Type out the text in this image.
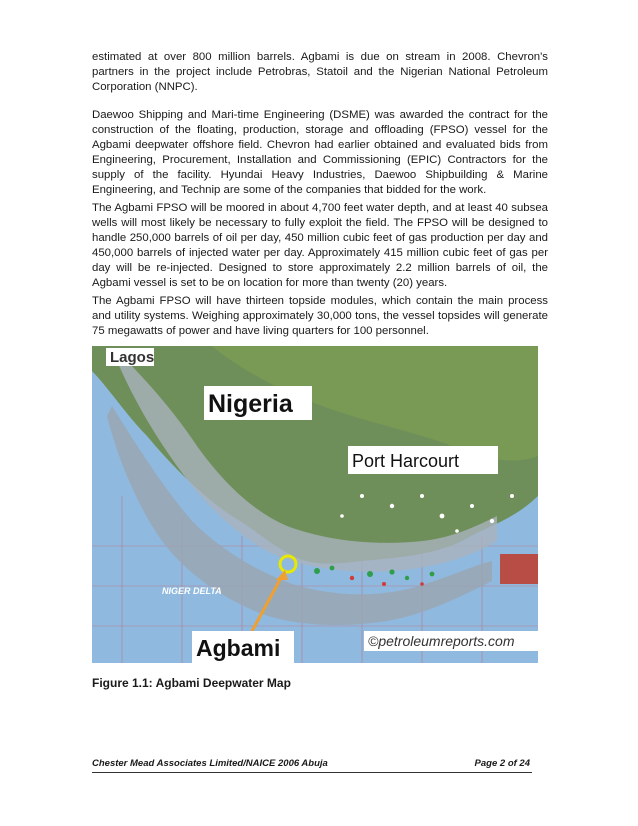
estimated at over 800 million barrels. Agbami is due on stream in 2008. Chevron's partners in the project include Petrobras, Statoil and the Nigerian National Petroleum Corporation (NNPC).

Daewoo Shipping and Mari-time Engineering (DSME) was awarded the contract for the construction of the floating, production, storage and offloading (FPSO) vessel for the Agbami deepwater offshore field. Chevron had earlier obtained and evaluated bids from Engineering, Procurement, Installation and Commissioning (EPIC) Contractors for the supply of the facility. Hyundai Heavy Industries, Daewoo Shipbuilding & Marine Engineering, and Technip are some of the companies that bidded for the work.

The Agbami FPSO will be moored in about 4,700 feet water depth, and at least 40 subsea wells will most likely be necessary to fully exploit the field. The FPSO will be designed to handle 250,000 barrels of oil per day, 450 million cubic feet of gas production per day and 450,000 barrels of injected water per day. Approximately 415 million cubic feet of gas per day will be re-injected. Designed to store approximately 2.2 million barrels of oil, the Agbami vessel is set to be on location for more than twenty (20) years.

The Agbami FPSO will have thirteen topside modules, which contain the main process and utility systems. Weighing approximately 30,000 tons, the vessel topsides will generate 75 megawatts of power and have living quarters for 100 personnel.

Lagos
Nigeria
Port Harcourt
NIGER DELTA
Agbami	©petroleumreports.com

Figure 1.1: Agbami Deepwater Map

Chester Mead Associates Limited/NAICE 2006 Abuja	Page 2 of 24
